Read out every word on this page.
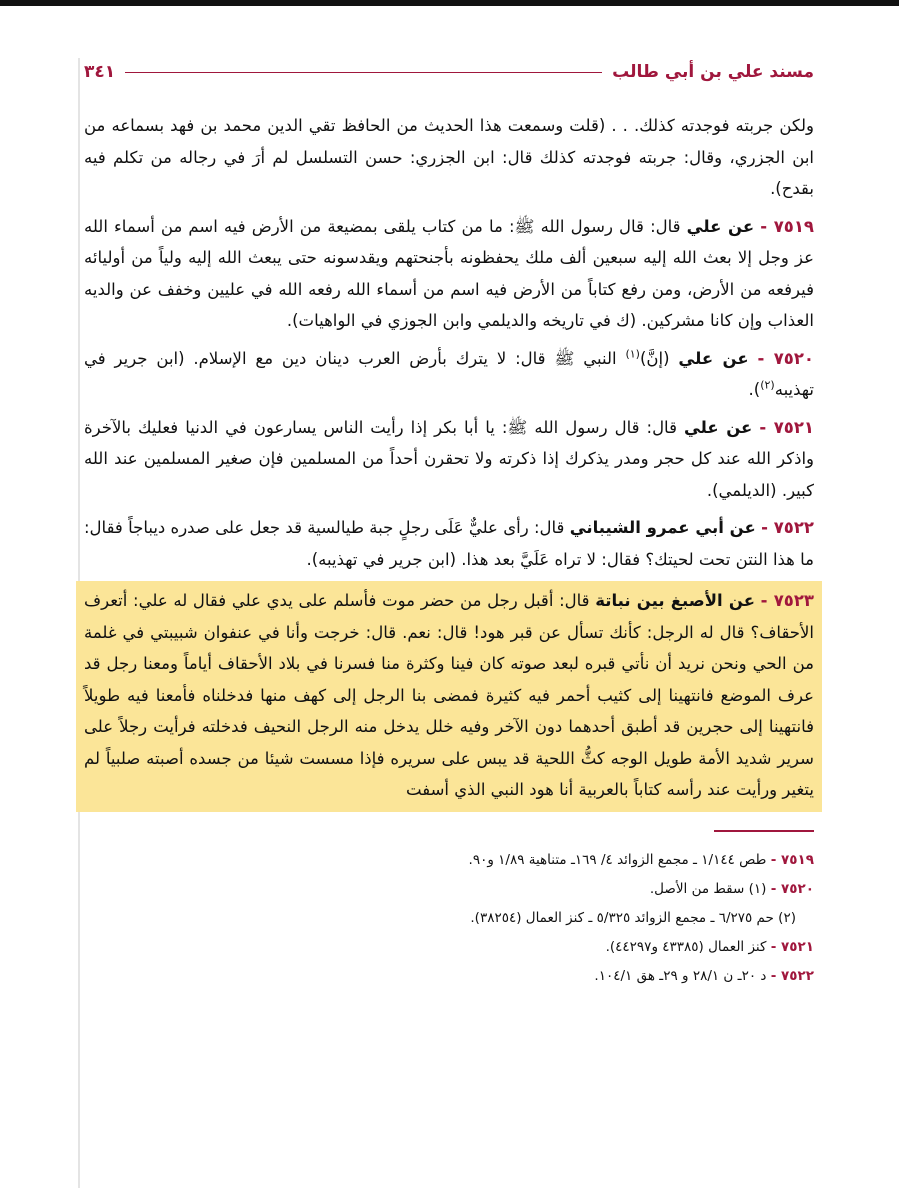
مسند علي بن أبي طالب
٣٤١

ولكن جربته فوجدته كذلك. . . (قلت وسمعت هذا الحديث من الحافظ تقي الدين محمد بن فهد بسماعه من ابن الجزري، وقال: جربته فوجدته كذلك قال: ابن الجزري: حسن التسلسل لم أرَ في رجاله من تكلم فيه بقدح).

٧٥١٩ - عن علي قال: قال رسول الله ﷺ: ما من كتاب يلقى بمضيعة من الأرض فيه اسم من أسماء الله عز وجل إلا بعث الله إليه سبعين ألف ملك يحفظونه بأجنحتهم ويقدسونه حتى يبعث الله إليه ولياً من أوليائه فيرفعه من الأرض، ومن رفع كتاباً من الأرض فيه اسم من أسماء الله رفعه الله في عليين وخفف عن والديه العذاب وإن كانا مشركين. (ك في تاريخه والديلمي وابن الجوزي في الواهيات).

٧٥٢٠ - عن علي (إنَّ)$^{(١)}$ النبي ﷺ قال: لا يترك بأرض العرب دينان دين مع الإسلام. (ابن جرير في تهذيبه$^{(٢)}$).

٧٥٢١ - عن علي قال: قال رسول الله ﷺ: يا أبا بكر إذا رأيت الناس يسارعون في الدنيا فعليك بالآخرة واذكر الله عند كل حجر ومدر يذكرك إذا ذكرته ولا تحقرن أحداً من المسلمين فإن صغير المسلمين عند الله كبير. (الديلمي).

٧٥٢٢ - عن أبي عمرو الشيباني قال: رأى عليٌّ عَلَى رجلٍ جبة طيالسية قد جعل على صدره ديباجاً فقال: ما هذا النتن تحت لحيتك؟ فقال: لا تراه عَلَيَّ بعد هذا. (ابن جرير في تهذيبه).

٧٥٢٣ - عن الأصبغ بين نباتة قال: أقبل رجل من حضر موت فأسلم على يدي علي فقال له علي: أتعرف الأحقاف؟ قال له الرجل: كأنك تسأل عن قبر هود! قال: نعم. قال: خرجت وأنا في عنفوان شبيبتي في غلمة من الحي ونحن نريد أن نأتي قبره لبعد صوته كان فينا وكثرة منا فسرنا في بلاد الأحقاف أياماً ومعنا رجل قد عرف الموضع فانتهينا إلى كثيب أحمر فيه كثيرة فمضى بنا الرجل إلى كهف منها فدخلناه فأمعنا فيه طويلاً فانتهينا إلى حجرين قد أطبق أحدهما دون الآخر وفيه خلل يدخل منه الرجل النحيف فدخلته فرأيت رجلاً على سرير شديد الأمة طويل الوجه كثُّ اللحية قد يبس على سريره فإذا مسست شيئا من جسده أصبته صلبياً لم يتغير ورأيت عند رأسه كتاباً بالعربية أنا هود النبي الذي أسفت

٧٥١٩ - طص ١/١٤٤ ـ مجمع الزوائد ٤/ ١٦٩ـ متناهية ١/٨٩ و٩٠.

٧٥٢٠ - (١) سقط من الأصل.

(٢) حم ٦/٢٧٥ ـ مجمع الزوائد ٥/٣٢٥ ـ كنز العمال (٣٨٢٥٤).

٧٥٢١ - كنز العمال (٤٣٣٨٥ و٤٤٢٩٧).

٧٥٢٢ - د ٢٠ـ ن ٢٨/١ و ٢٩ـ هق ١٠٤/١.
